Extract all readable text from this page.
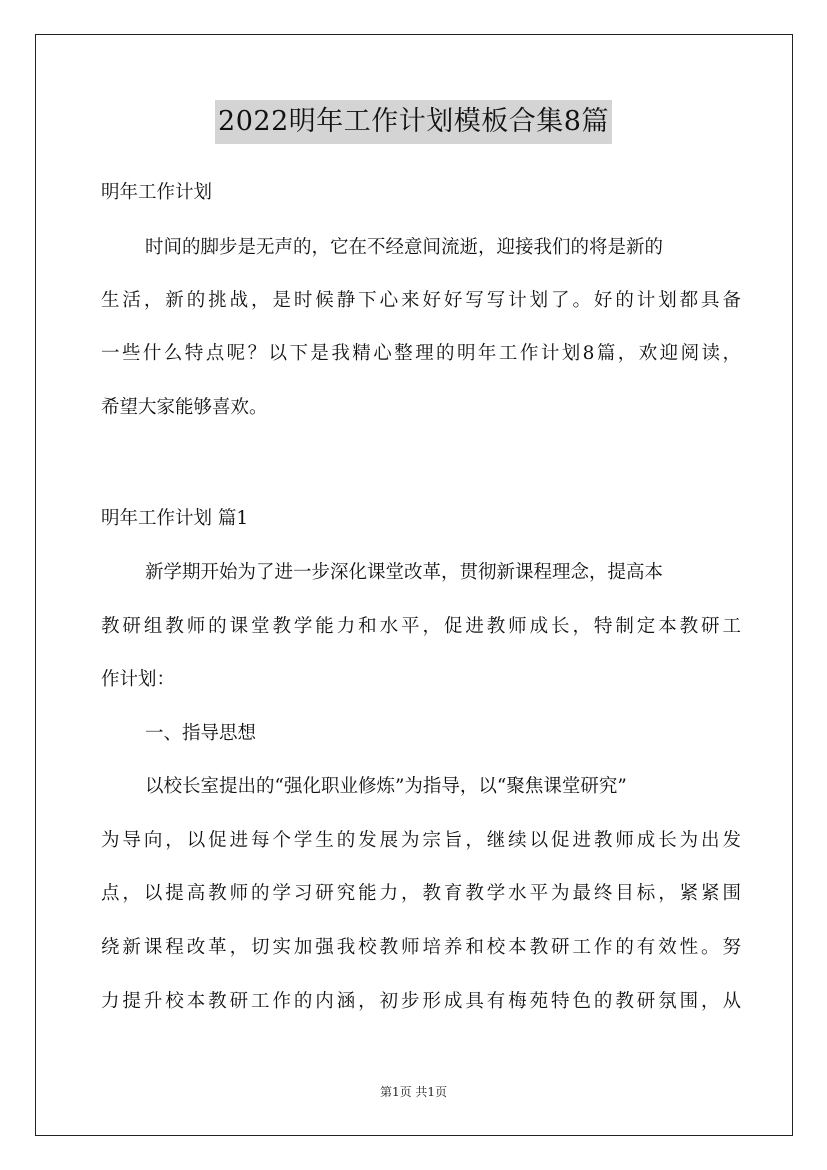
2022明年工作计划模板合集8篇
明年工作计划
时间的脚步是无声的，它在不经意间流逝，迎接我们的将是新的
生活，新的挑战，是时候静下心来好好写写计划了。好的计划都具备
一些什么特点呢？以下是我精心整理的明年工作计划8篇，欢迎阅读，
希望大家能够喜欢。
明年工作计划 篇1
新学期开始为了进一步深化课堂改革，贯彻新课程理念，提高本
教研组教师的课堂教学能力和水平，促进教师成长，特制定本教研工
作计划：
一、指导思想
以校长室提出的“强化职业修炼”为指导，以“聚焦课堂研究”
为导向，以促进每个学生的发展为宗旨，继续以促进教师成长为出发
点，以提高教师的学习研究能力，教育教学水平为最终目标，紧紧围
绕新课程改革，切实加强我校教师培养和校本教研工作的有效性。努
力提升校本教研工作的内涵，初步形成具有梅苑特色的教研氛围，从
第1页 共1页
